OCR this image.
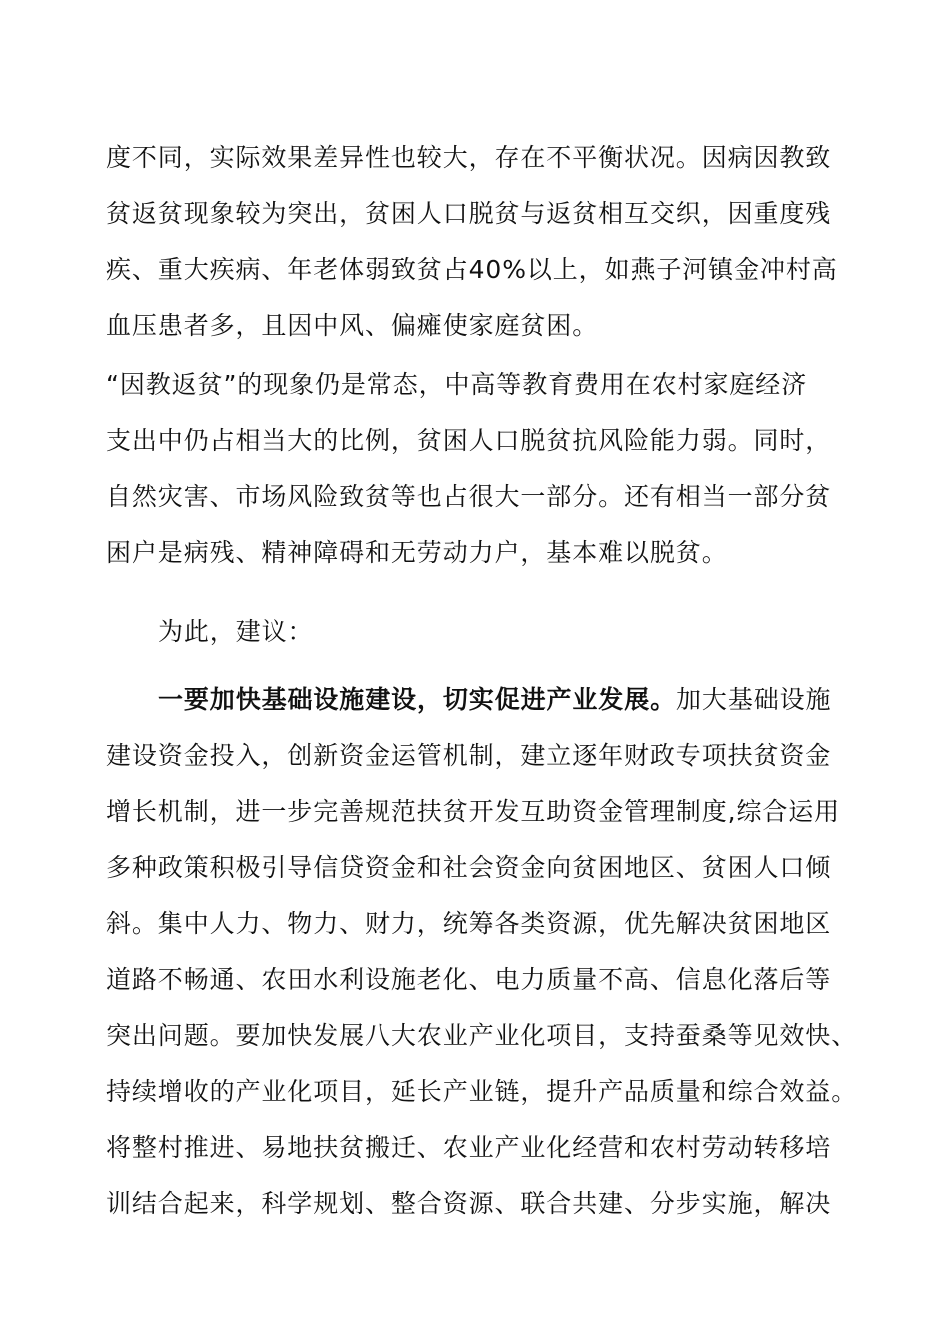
度不同，实际效果差异性也较大，存在不平衡状况。因病因教致
贫返贫现象较为突出，贫困人口脱贫与返贫相互交织，因重度残
疾、重大疾病、年老体弱致贫占40%以上，如燕子河镇金冲村高
血压患者多，且因中风、偏瘫使家庭贫困。
“因教返贫”的现象仍是常态，中高等教育费用在农村家庭经济
支出中仍占相当大的比例，贫困人口脱贫抗风险能力弱。同时，
自然灾害、市场风险致贫等也占很大一部分。还有相当一部分贫
困户是病残、精神障碍和无劳动力户，基本难以脱贫。
为此，建议：
一要加快基础设施建设，切实促进产业发展。加大基础设施
建设资金投入，创新资金运管机制，建立逐年财政专项扶贫资金
增长机制，进一步完善规范扶贫开发互助资金管理制度,综合运用
多种政策积极引导信贷资金和社会资金向贫困地区、贫困人口倾
斜。集中人力、物力、财力，统筹各类资源，优先解决贫困地区
道路不畅通、农田水利设施老化、电力质量不高、信息化落后等
突出问题。要加快发展八大农业产业化项目，支持蚕桑等见效快、
持续增收的产业化项目，延长产业链，提升产品质量和综合效益。
将整村推进、易地扶贫搬迁、农业产业化经营和农村劳动转移培
训结合起来，科学规划、整合资源、联合共建、分步实施，解决
